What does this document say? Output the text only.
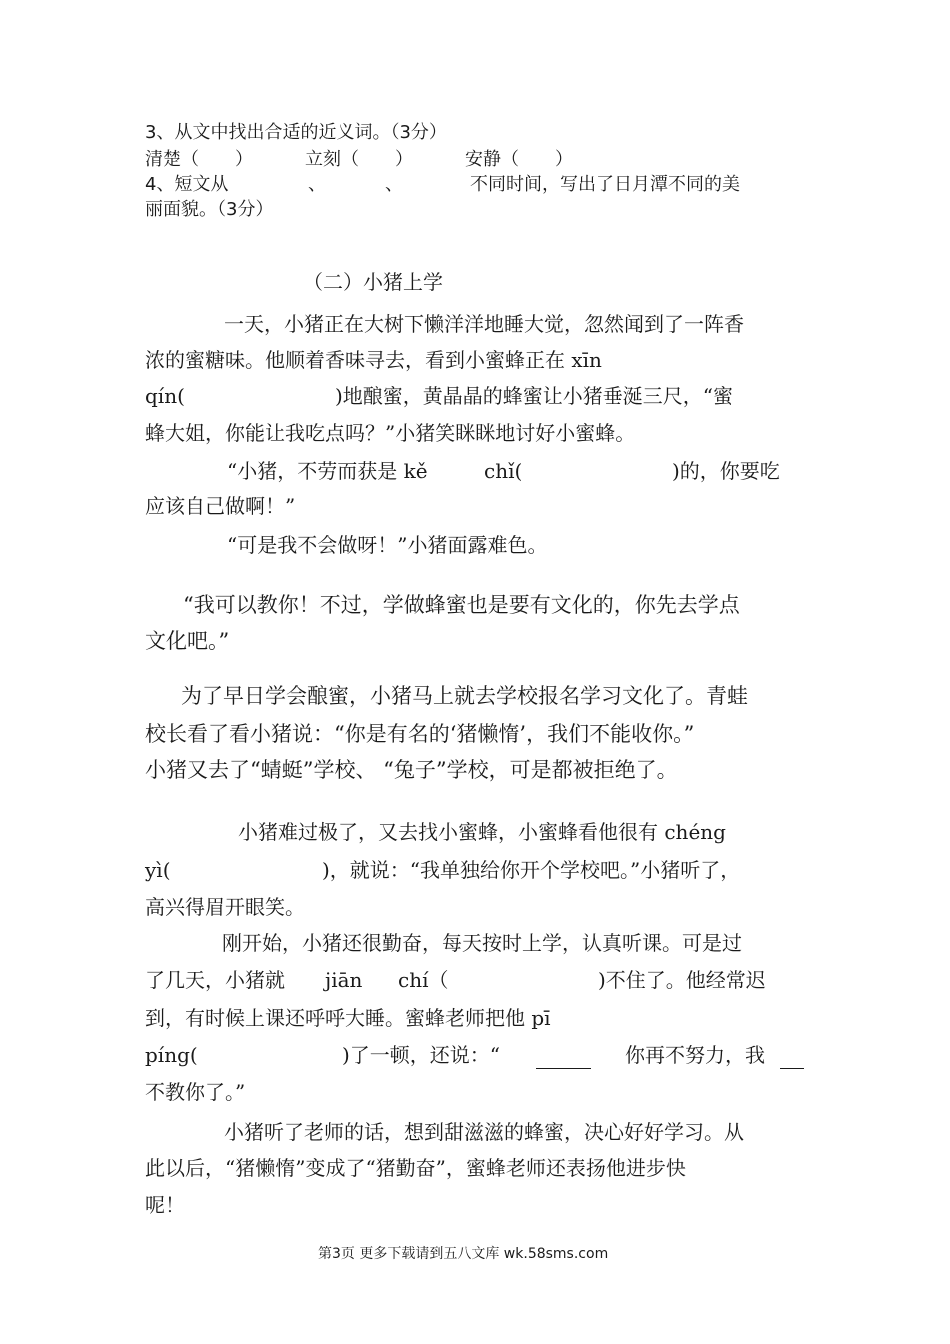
3、从文中找出合适的近义词。（3分）
清楚（　　）	立刻（　　）	安静（　　）
4、短文从	、	、	不同时间，写出了日月潭不同的美
丽面貌。（3分）
（二）小猪上学
一天，小猪正在大树下懒洋洋地睡大觉，忽然闻到了一阵香
浓的蜜糖味。他顺着香味寻去，看到小蜜蜂正在 xīn
qín(	)地酿蜜，黄晶晶的蜂蜜让小猪垂涎三尺，“蜜
蜂大姐，你能让我吃点吗？”小猪笑眯眯地讨好小蜜蜂。
“小猪，不劳而获是 kě	chǐ(	)的，你要吃
应该自己做啊！”
“可是我不会做呀！”小猪面露难色。
“我可以教你！不过，学做蜂蜜也是要有文化的，你先去学点
文化吧。”
为了早日学会酿蜜，小猪马上就去学校报名学习文化了。青蛙
校长看了看小猪说：“你是有名的‘猪懒惰’，我们不能收你。”
小猪又去了“蜻蜓”学校、 “兔子”学校，可是都被拒绝了。
小猪难过极了，又去找小蜜蜂，小蜜蜂看他很有 chéng
yì(	)，就说：“我单独给你开个学校吧。”小猪听了，
高兴得眉开眼笑。
刚开始，小猪还很勤奋，每天按时上学，认真听课。可是过
了几天，小猪就 jiān chí（	)不住了。他经常迟
到，有时候上课还呼呼大睡。蜜蜂老师把他 pī
píng(	)了一顿，还说：“	你再不努力，我
不教你了。”
小猪听了老师的话，想到甜滋滋的蜂蜜，决心好好学习。从
此以后，“猪懒惰”变成了“猪勤奋”，蜜蜂老师还表扬他进步快
呢！
第3页 更多下载请到五八文库 wk.58sms.com
